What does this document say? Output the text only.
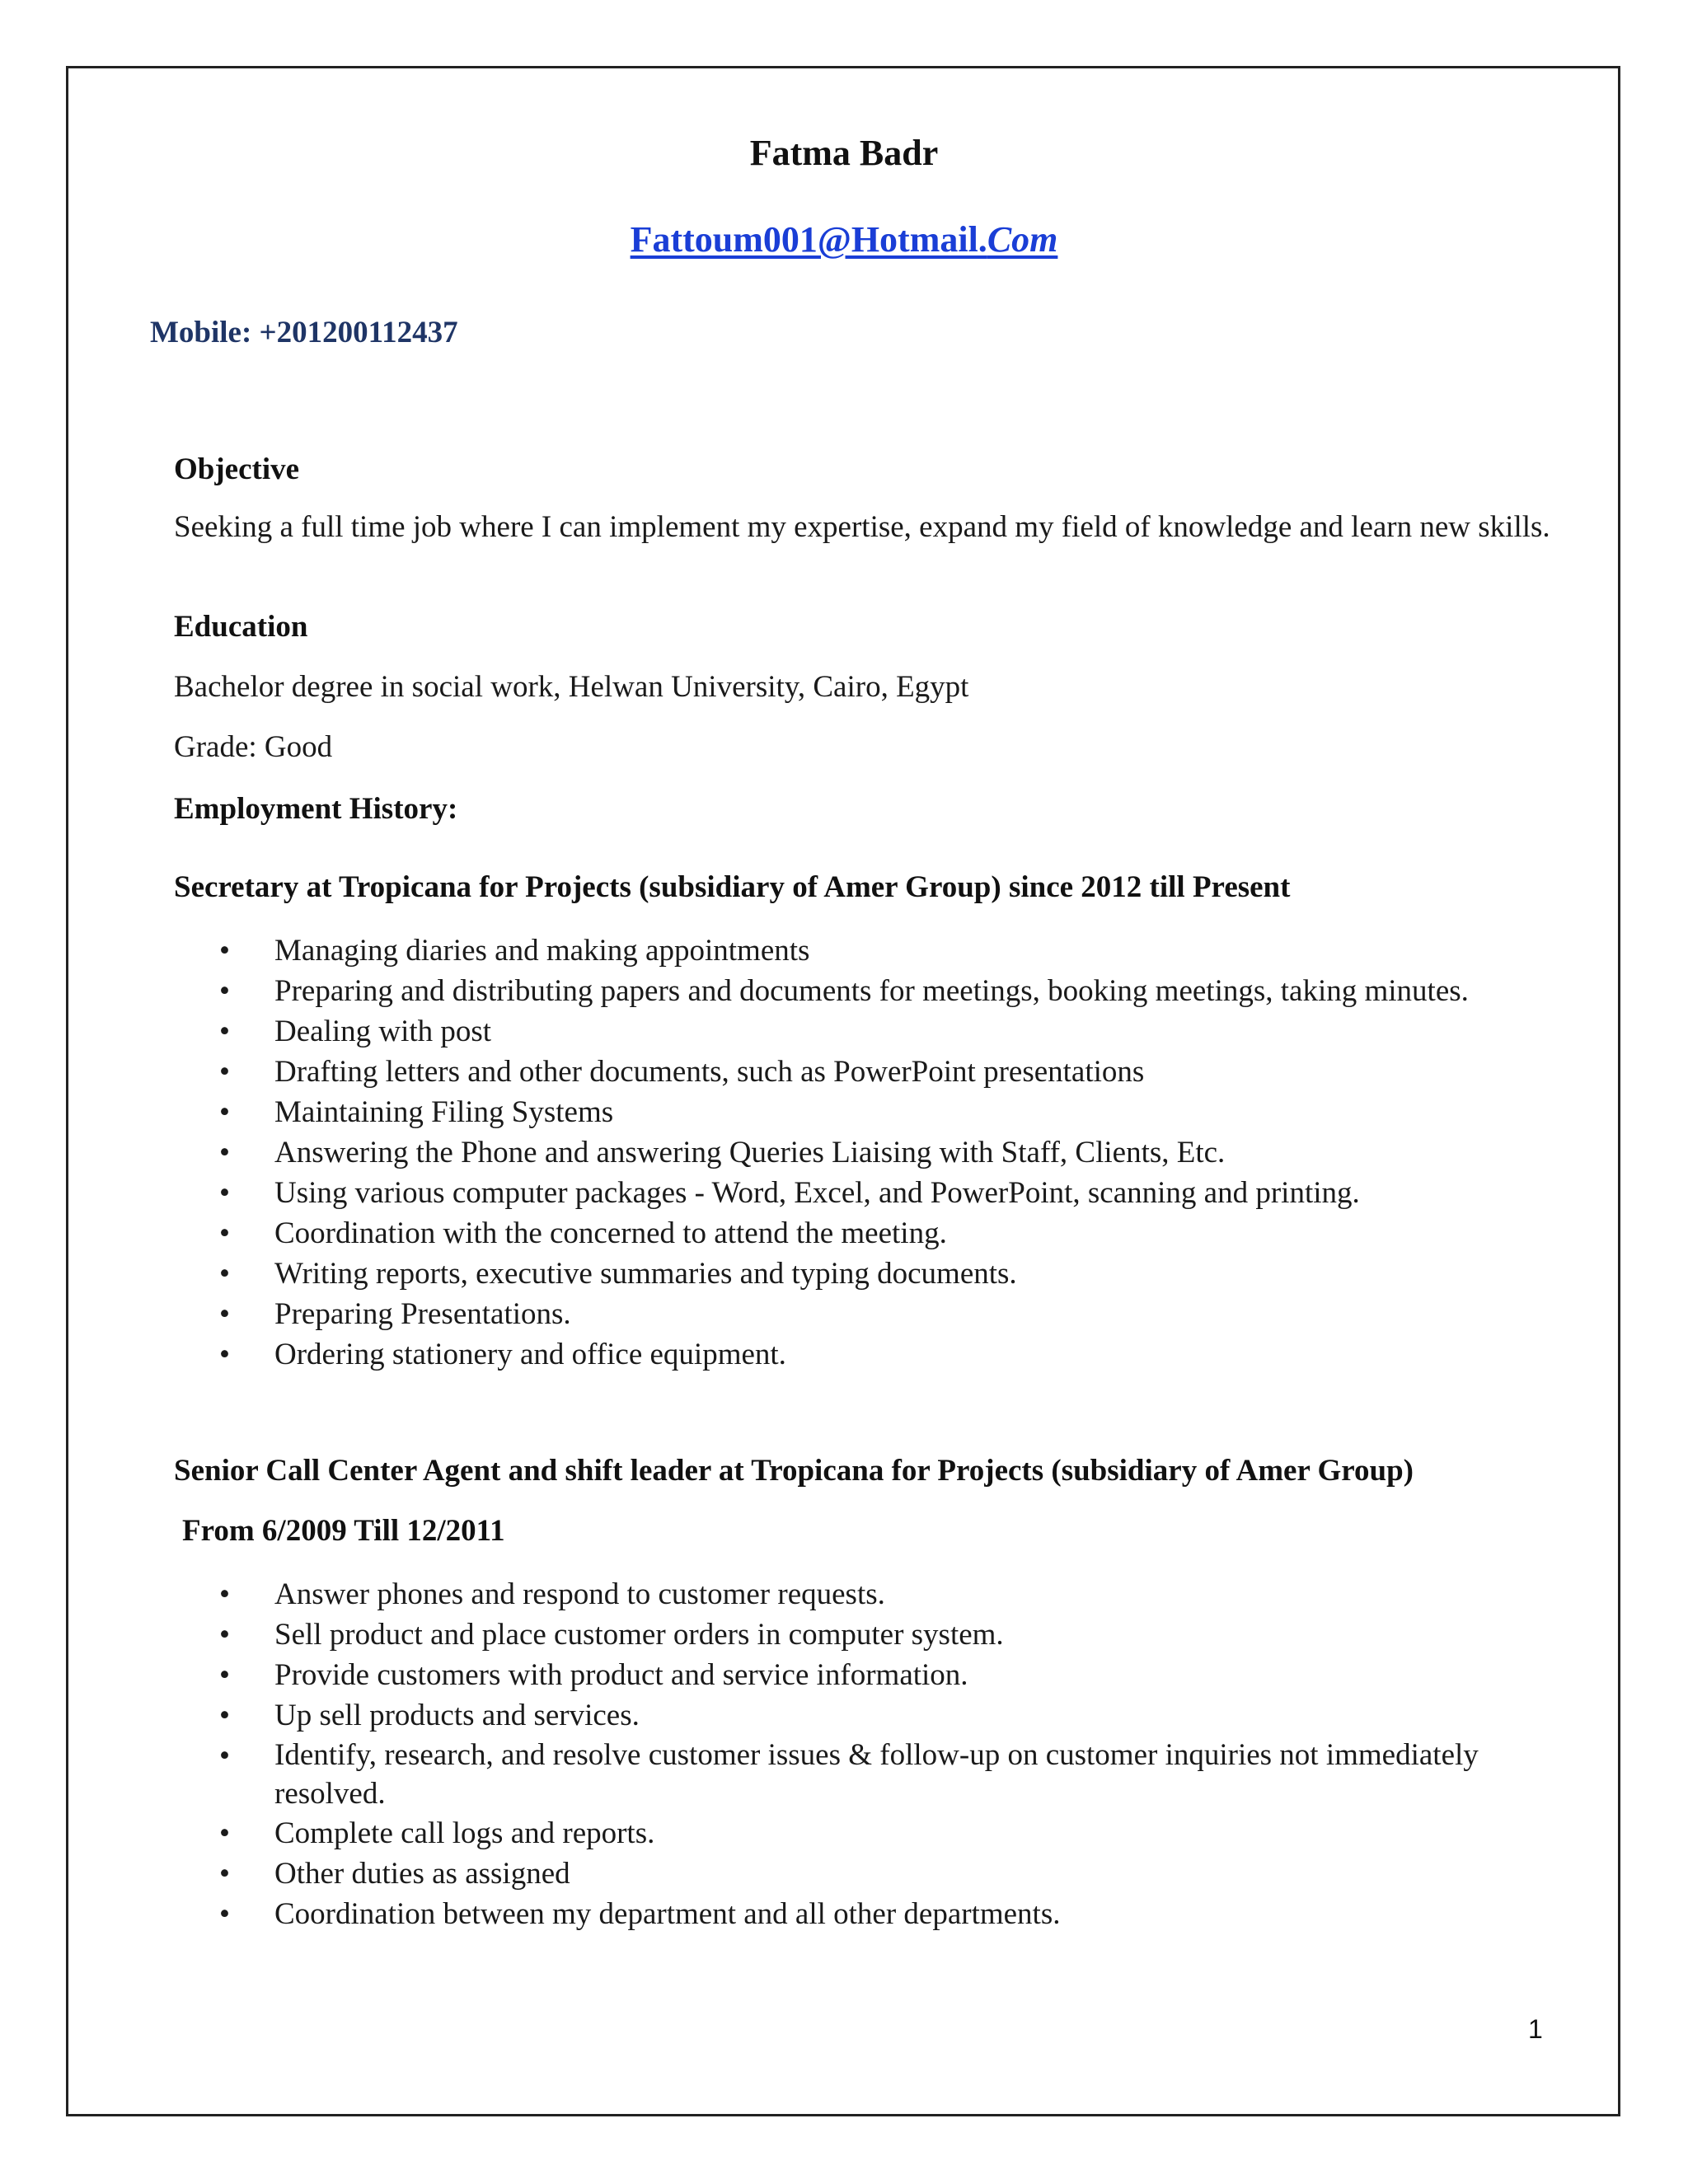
Fatma Badr
Fattoum001@Hotmail.Com
Mobile: +201200112437
Objective
Seeking a full time job where I can implement my expertise, expand my field of knowledge and learn new skills.
Education
Bachelor degree in social work, Helwan University, Cairo, Egypt
Grade: Good
Employment History:
Secretary at Tropicana for Projects (subsidiary of Amer Group) since 2012 till Present
• Managing diaries and making appointments
• Preparing and distributing papers and documents for meetings, booking meetings, taking minutes.
• Dealing with post
• Drafting letters and other documents, such as PowerPoint presentations
• Maintaining Filing Systems
• Answering the Phone and answering Queries Liaising with Staff, Clients, Etc.
• Using various computer packages - Word, Excel, and PowerPoint, scanning and printing.
• Coordination with the concerned to attend the meeting.
• Writing reports, executive summaries and typing documents.
• Preparing Presentations.
• Ordering stationery and office equipment.
Senior Call Center Agent and shift leader at Tropicana for Projects (subsidiary of Amer Group)
From 6/2009 Till 12/2011
• Answer phones and respond to customer requests.
• Sell product and place customer orders in computer system.
• Provide customers with product and service information.
• Up sell products and services.
• Identify, research, and resolve customer issues & follow-up on customer inquiries not immediately resolved.
• Complete call logs and reports.
• Other duties as assigned
• Coordination between my department and all other departments.
1
